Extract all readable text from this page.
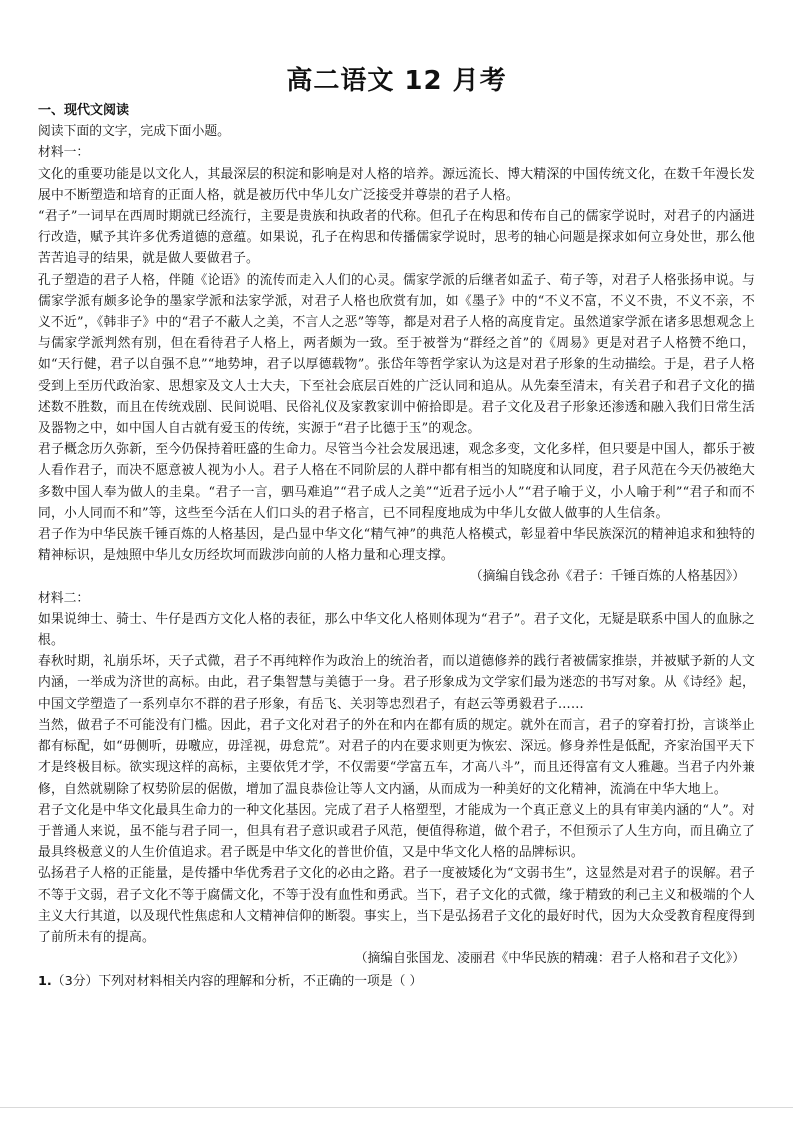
高二语文 12 月考

一、现代文阅读

阅读下面的文字，完成下面小题。

材料一：

文化的重要功能是以文化人，其最深层的积淀和影响是对人格的培养。源远流长、博大精深的中国传统文化，在数千年漫长发展中不断塑造和培育的正面人格，就是被历代中华儿女广泛接受并尊崇的君子人格。

“君子”一词早在西周时期就已经流行，主要是贵族和执政者的代称。但孔子在构思和传布自己的儒家学说时，对君子的内涵进行改造，赋予其许多优秀道德的意蕴。如果说，孔子在构思和传播儒家学说时，思考的轴心问题是探求如何立身处世，那么他苦苦追寻的结果，就是做人要做君子。

孔子塑造的君子人格，伴随《论语》的流传而走入人们的心灵。儒家学派的后继者如孟子、荀子等，对君子人格张扬申说。与儒家学派有颇多论争的墨家学派和法家学派，对君子人格也欣赏有加，如《墨子》中的“不义不富，不义不贵，不义不亲，不义不近”，《韩非子》中的“君子不蔽人之美，不言人之恶”等等，都是对君子人格的高度肯定。虽然道家学派在诸多思想观念上与儒家学派判然有别，但在看待君子人格上，两者颇为一致。至于被誉为“群经之首”的《周易》更是对君子人格赞不绝口，如“天行健，君子以自强不息”“地势坤，君子以厚德载物”。张岱年等哲学家认为这是对君子形象的生动描绘。于是，君子人格受到上至历代政治家、思想家及文人士大夫，下至社会底层百姓的广泛认同和追从。从先秦至清末，有关君子和君子文化的描述数不胜数，而且在传统戏剧、民间说唱、民俗礼仪及家教家训中俯拾即是。君子文化及君子形象还渗透和融入我们日常生活及器物之中，如中国人自古就有爱玉的传统，实源于“君子比德于玉”的观念。

君子概念历久弥新，至今仍保持着旺盛的生命力。尽管当今社会发展迅速，观念多变，文化多样，但只要是中国人，都乐于被人看作君子，而决不愿意被人视为小人。君子人格在不同阶层的人群中都有相当的知晓度和认同度，君子风范在今天仍被绝大多数中国人奉为做人的圭臬。“君子一言，驷马难追”“君子成人之美”“近君子远小人”“君子喻于义，小人喻于利”“君子和而不同，小人同而不和”等，这些至今活在人们口头的君子格言，已不同程度地成为中华儿女做人做事的人生信条。

君子作为中华民族千锤百炼的人格基因，是凸显中华文化“精气神”的典范人格模式，彰显着中华民族深沉的精神追求和独特的精神标识，是烛照中华儿女历经坎坷而跋涉向前的人格力量和心理支撑。

（摘编自钱念孙《君子：千锤百炼的人格基因》）

材料二：

如果说绅士、骑士、牛仔是西方文化人格的表征，那么中华文化人格则体现为“君子”。君子文化，无疑是联系中国人的血脉之根。

春秋时期，礼崩乐坏，天子式微，君子不再纯粹作为政治上的统治者，而以道德修养的践行者被儒家推崇，并被赋予新的人文内涵，一举成为济世的高标。由此，君子集智慧与美德于一身。君子形象成为文学家们最为迷恋的书写对象。从《诗经》起，中国文学塑造了一系列卓尔不群的君子形象，有岳飞、关羽等忠烈君子，有赵云等勇毅君子……

当然，做君子不可能没有门槛。因此，君子文化对君子的外在和内在都有质的规定。就外在而言，君子的穿着打扮，言谈举止都有标配，如“毋侧听，毋噭应，毋淫视，毋怠荒”。对君子的内在要求则更为恢宏、深远。修身养性是低配，齐家治国平天下才是终极目标。欲实现这样的高标，主要依凭才学，不仅需要“学富五车，才高八斗”，而且还得富有文人雅趣。当君子内外兼修，自然就剔除了权势阶层的倨傲，增加了温良恭俭让等人文内涵，从而成为一种美好的文化精神，流淌在中华大地上。

君子文化是中华文化最具生命力的一种文化基因。完成了君子人格塑型，才能成为一个真正意义上的具有审美内涵的“人”。对于普通人来说，虽不能与君子同一，但具有君子意识或君子风范，便值得称道，做个君子，不但预示了人生方向，而且确立了最具终极意义的人生价值追求。君子既是中华文化的普世价值，又是中华文化人格的品牌标识。

弘扬君子人格的正能量，是传播中华优秀君子文化的必由之路。君子一度被矮化为“文弱书生”，这显然是对君子的误解。君子不等于文弱，君子文化不等于腐儒文化，不等于没有血性和勇武。当下，君子文化的式微，缘于精致的利己主义和极端的个人主义大行其道，以及现代性焦虑和人文精神信仰的断裂。事实上，当下是弘扬君子文化的最好时代，因为大众受教育程度得到了前所未有的提高。

（摘编自张国龙、凌丽君《中华民族的精魂：君子人格和君子文化》）

1.（3分）下列对材料相关内容的理解和分析，不正确的一项是（ ）
